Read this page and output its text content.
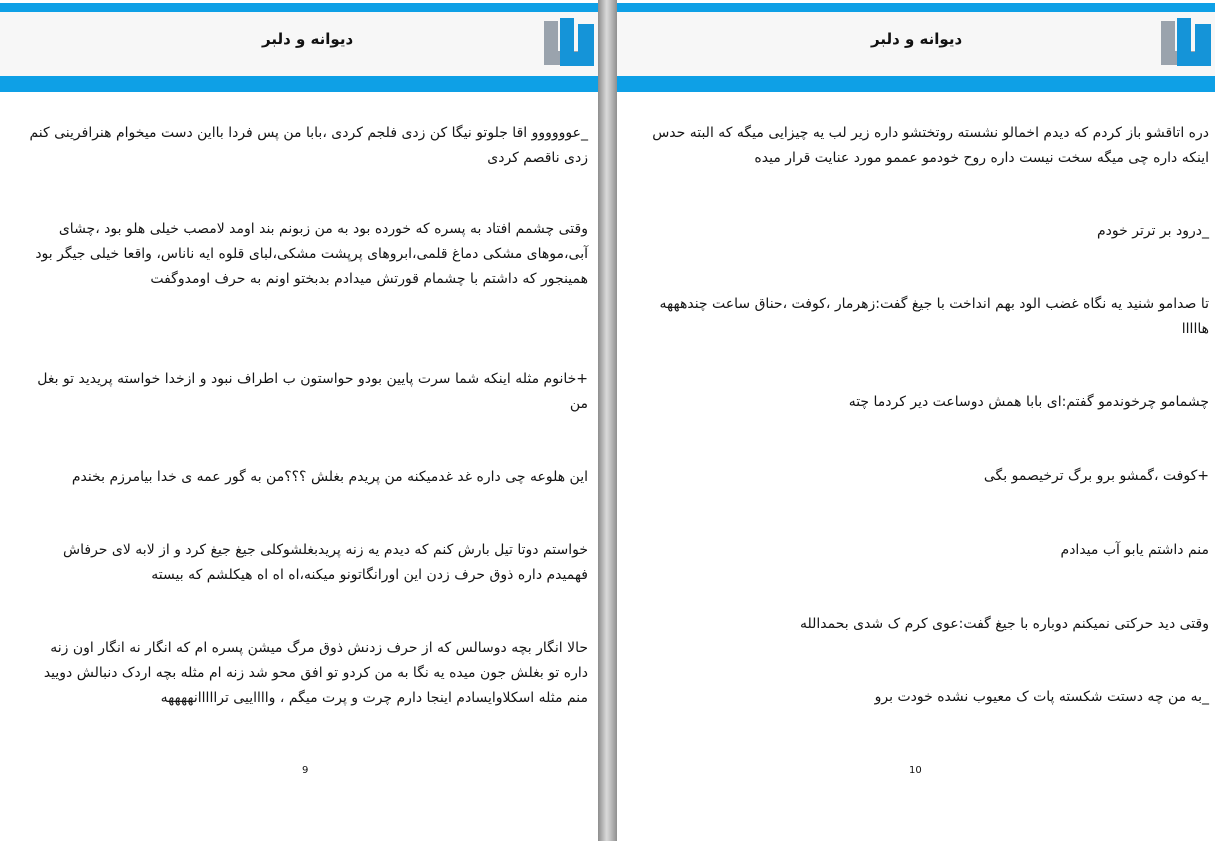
دیوانه و دلبر

_عوووووو اقا جلوتو نیگا کن زدی فلجم کردی ،بابا من پس فردا بااین دست میخوام هنرافرینی کنم زدی ناقصم کردی

وقتی چشمم افتاد به پسره که خورده بود به من زبونم بند اومد لامصب خیلی هلو بود ،چشای آبی،موهای مشکی دماغ قلمی،ابروهای پرپشت مشکی،لبای قلوه ایه ناناس، واقعا خیلی جیگر بود همینجور که داشتم با چشمام قورتش میدادم بدبختو اونم به حرف اومدوگفت

+خانوم مثله اینکه شما سرت پایین بودو حواستون ب اطراف نبود و ازخدا خواسته پریدید تو بغل من

این هلوعه چی داره غد غدمیکنه من پریدم بغلش ؟؟؟من به گور عمه ی خدا بیامرزم بخندم

خواستم دوتا تیل بارش کنم که دیدم یه زنه پریدبغلشوکلی جیغ جیغ کرد و از لابه لای حرفاش فهمیدم داره ذوق حرف زدن این اورانگاتونو میکنه،اه اه اه هیکلشم که بیسته

حالا انگار بچه دوسالس که از حرف زدنش ذوق مرگ میشن پسره ام که انگار نه انگار اون زنه داره تو بغلش جون میده یه نگا به من کردو تو افق محو شد زنه ام مثله بچه اردک دنبالش دویید منم مثله اسکلاوایسادم اینجا دارم چرت و پرت میگم ، وااااییی ترااااانههههه

9
دیوانه و دلبر

دره اتاقشو باز کردم که دیدم اخمالو نشسته روتختشو داره زیر لب یه چیزایی میگه که البته حدس اینکه داره چی میگه سخت نیست داره روح خودمو عممو مورد عنایت قرار میده

_درود بر ترتر خودم

تا صدامو شنید یه نگاه غضب الود بهم انداخت با جیغ گفت:زهرمار ،کوفت ،حناق ساعت چندهههه هااااا

چشمامو چرخوندمو گفتم:ای بابا همش دوساعت دیر کردما چته

+کوفت ،گمشو برو برگ ترخیصمو بگی

منم داشتم یابو آب میدادم

وقتی دید حرکتی نمیکنم دوباره با جیغ گفت:عوی کرم ک شدی بحمدالله

_به من چه دستت شکسته پات ک معیوب نشده خودت برو

10
